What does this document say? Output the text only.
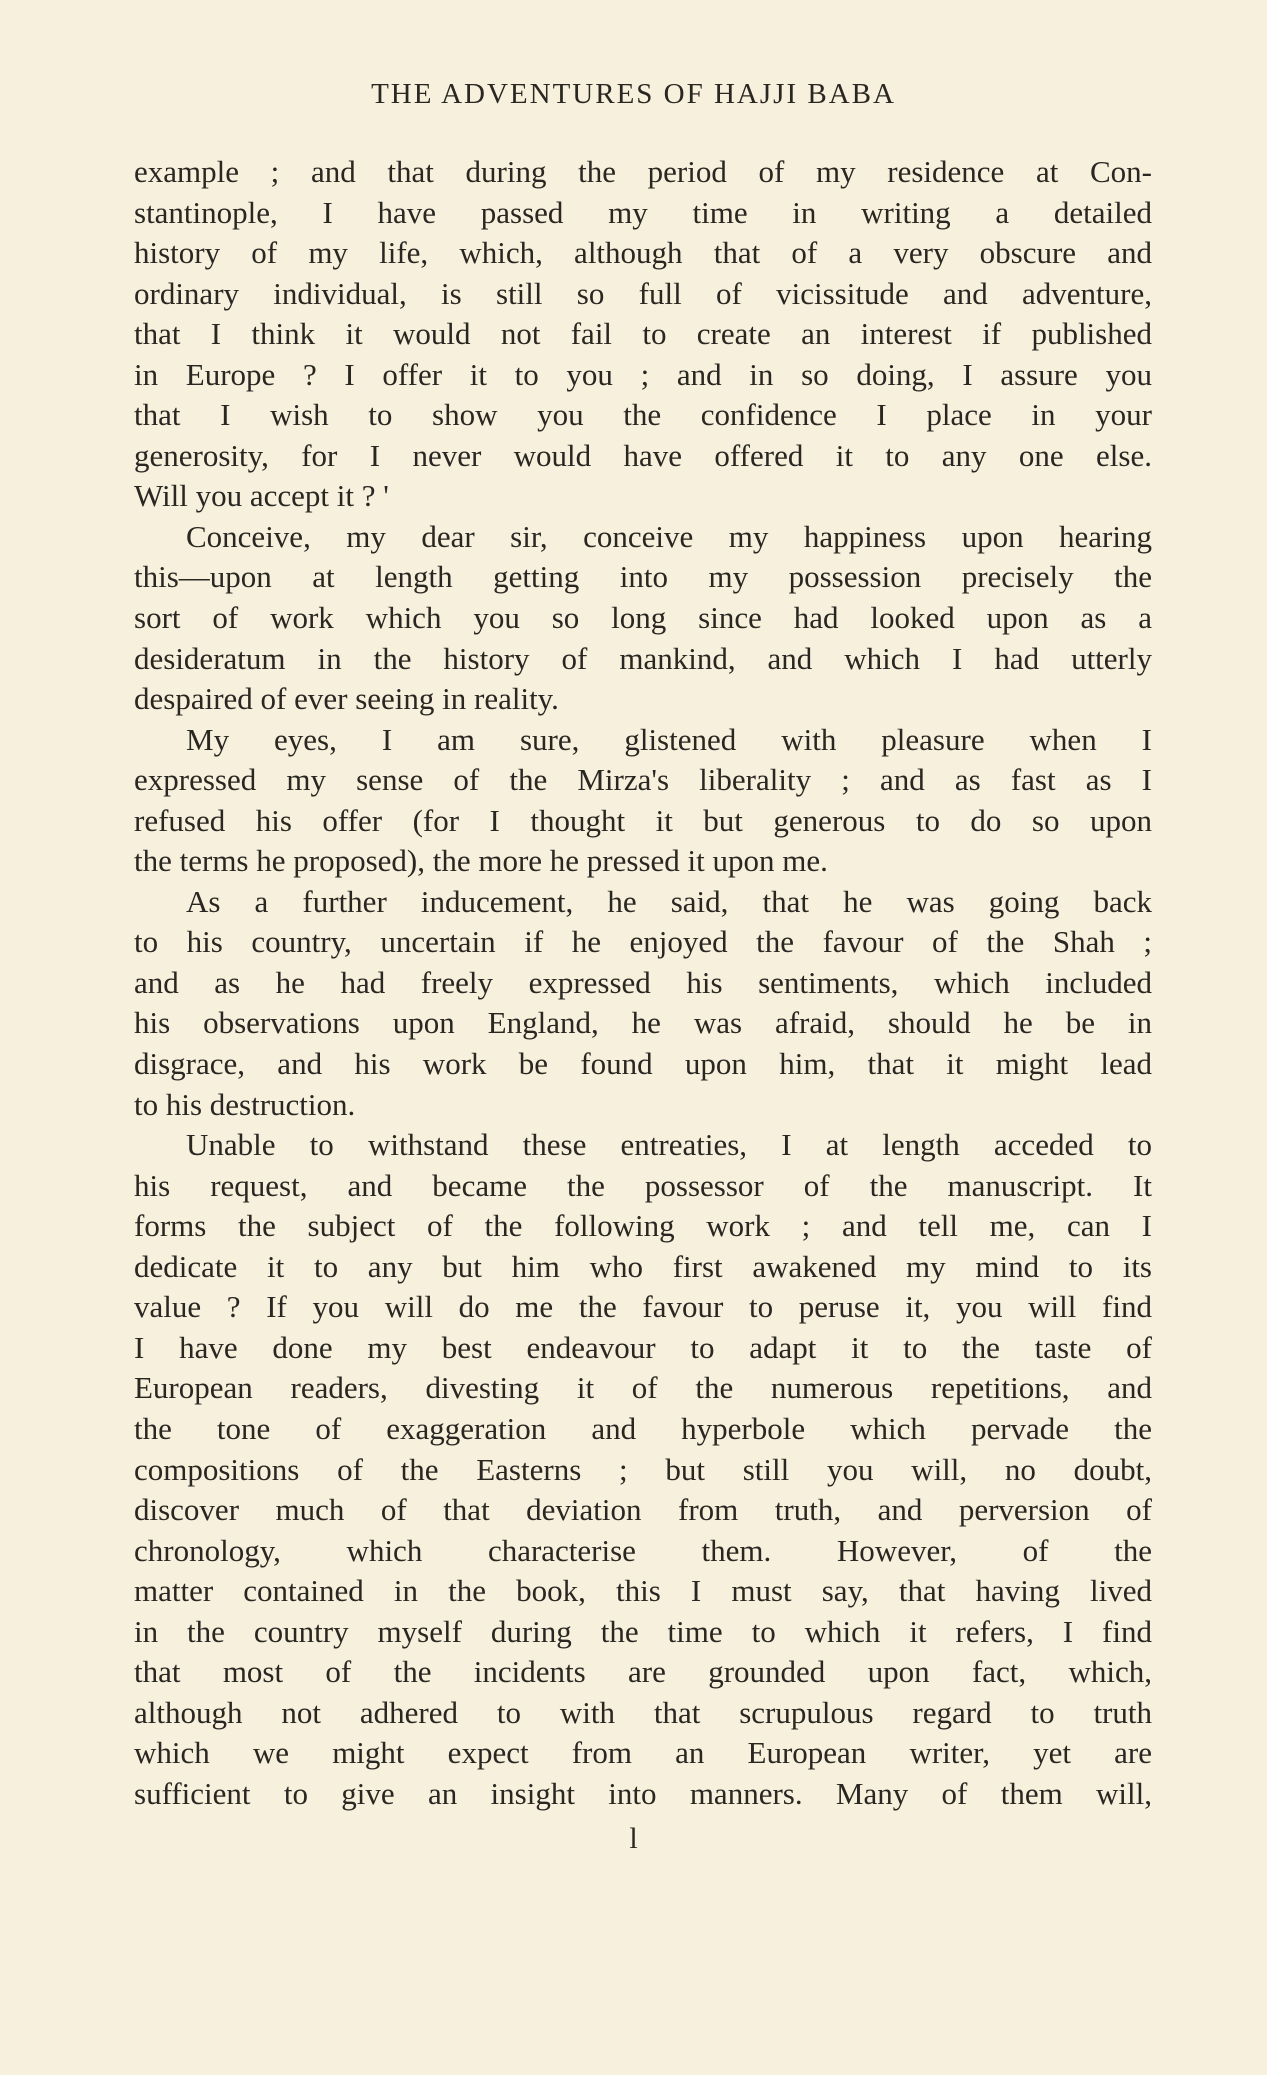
THE ADVENTURES OF HAJJI BABA
example ; and that during the period of my residence at Con-
stantinople, I have passed my time in writing a detailed
history of my life, which, although that of a very obscure and
ordinary individual, is still so full of vicissitude and adventure,
that I think it would not fail to create an interest if published
in Europe ? I offer it to you ; and in so doing, I assure you
that I wish to show you the confidence I place in your
generosity, for I never would have offered it to any one else.
Will you accept it ? '
Conceive, my dear sir, conceive my happiness upon hearing
this—upon at length getting into my possession precisely the
sort of work which you so long since had looked upon as a
desideratum in the history of mankind, and which I had utterly
despaired of ever seeing in reality.
My eyes, I am sure, glistened with pleasure when I
expressed my sense of the Mirza's liberality ; and as fast as I
refused his offer (for I thought it but generous to do so upon
the terms he proposed), the more he pressed it upon me.
As a further inducement, he said, that he was going back
to his country, uncertain if he enjoyed the favour of the Shah ;
and as he had freely expressed his sentiments, which included
his observations upon England, he was afraid, should he be in
disgrace, and his work be found upon him, that it might lead
to his destruction.
Unable to withstand these entreaties, I at length acceded to
his request, and became the possessor of the manuscript. It
forms the subject of the following work ; and tell me, can I
dedicate it to any but him who first awakened my mind to its
value ? If you will do me the favour to peruse it, you will find
I have done my best endeavour to adapt it to the taste of
European readers, divesting it of the numerous repetitions, and
the tone of exaggeration and hyperbole which pervade the
compositions of the Easterns ; but still you will, no doubt,
discover much of that deviation from truth, and perversion of
chronology, which characterise them. However, of the
matter contained in the book, this I must say, that having lived
in the country myself during the time to which it refers, I find
that most of the incidents are grounded upon fact, which,
although not adhered to with that scrupulous regard to truth
which we might expect from an European writer, yet are
sufficient to give an insight into manners. Many of them will,
l
